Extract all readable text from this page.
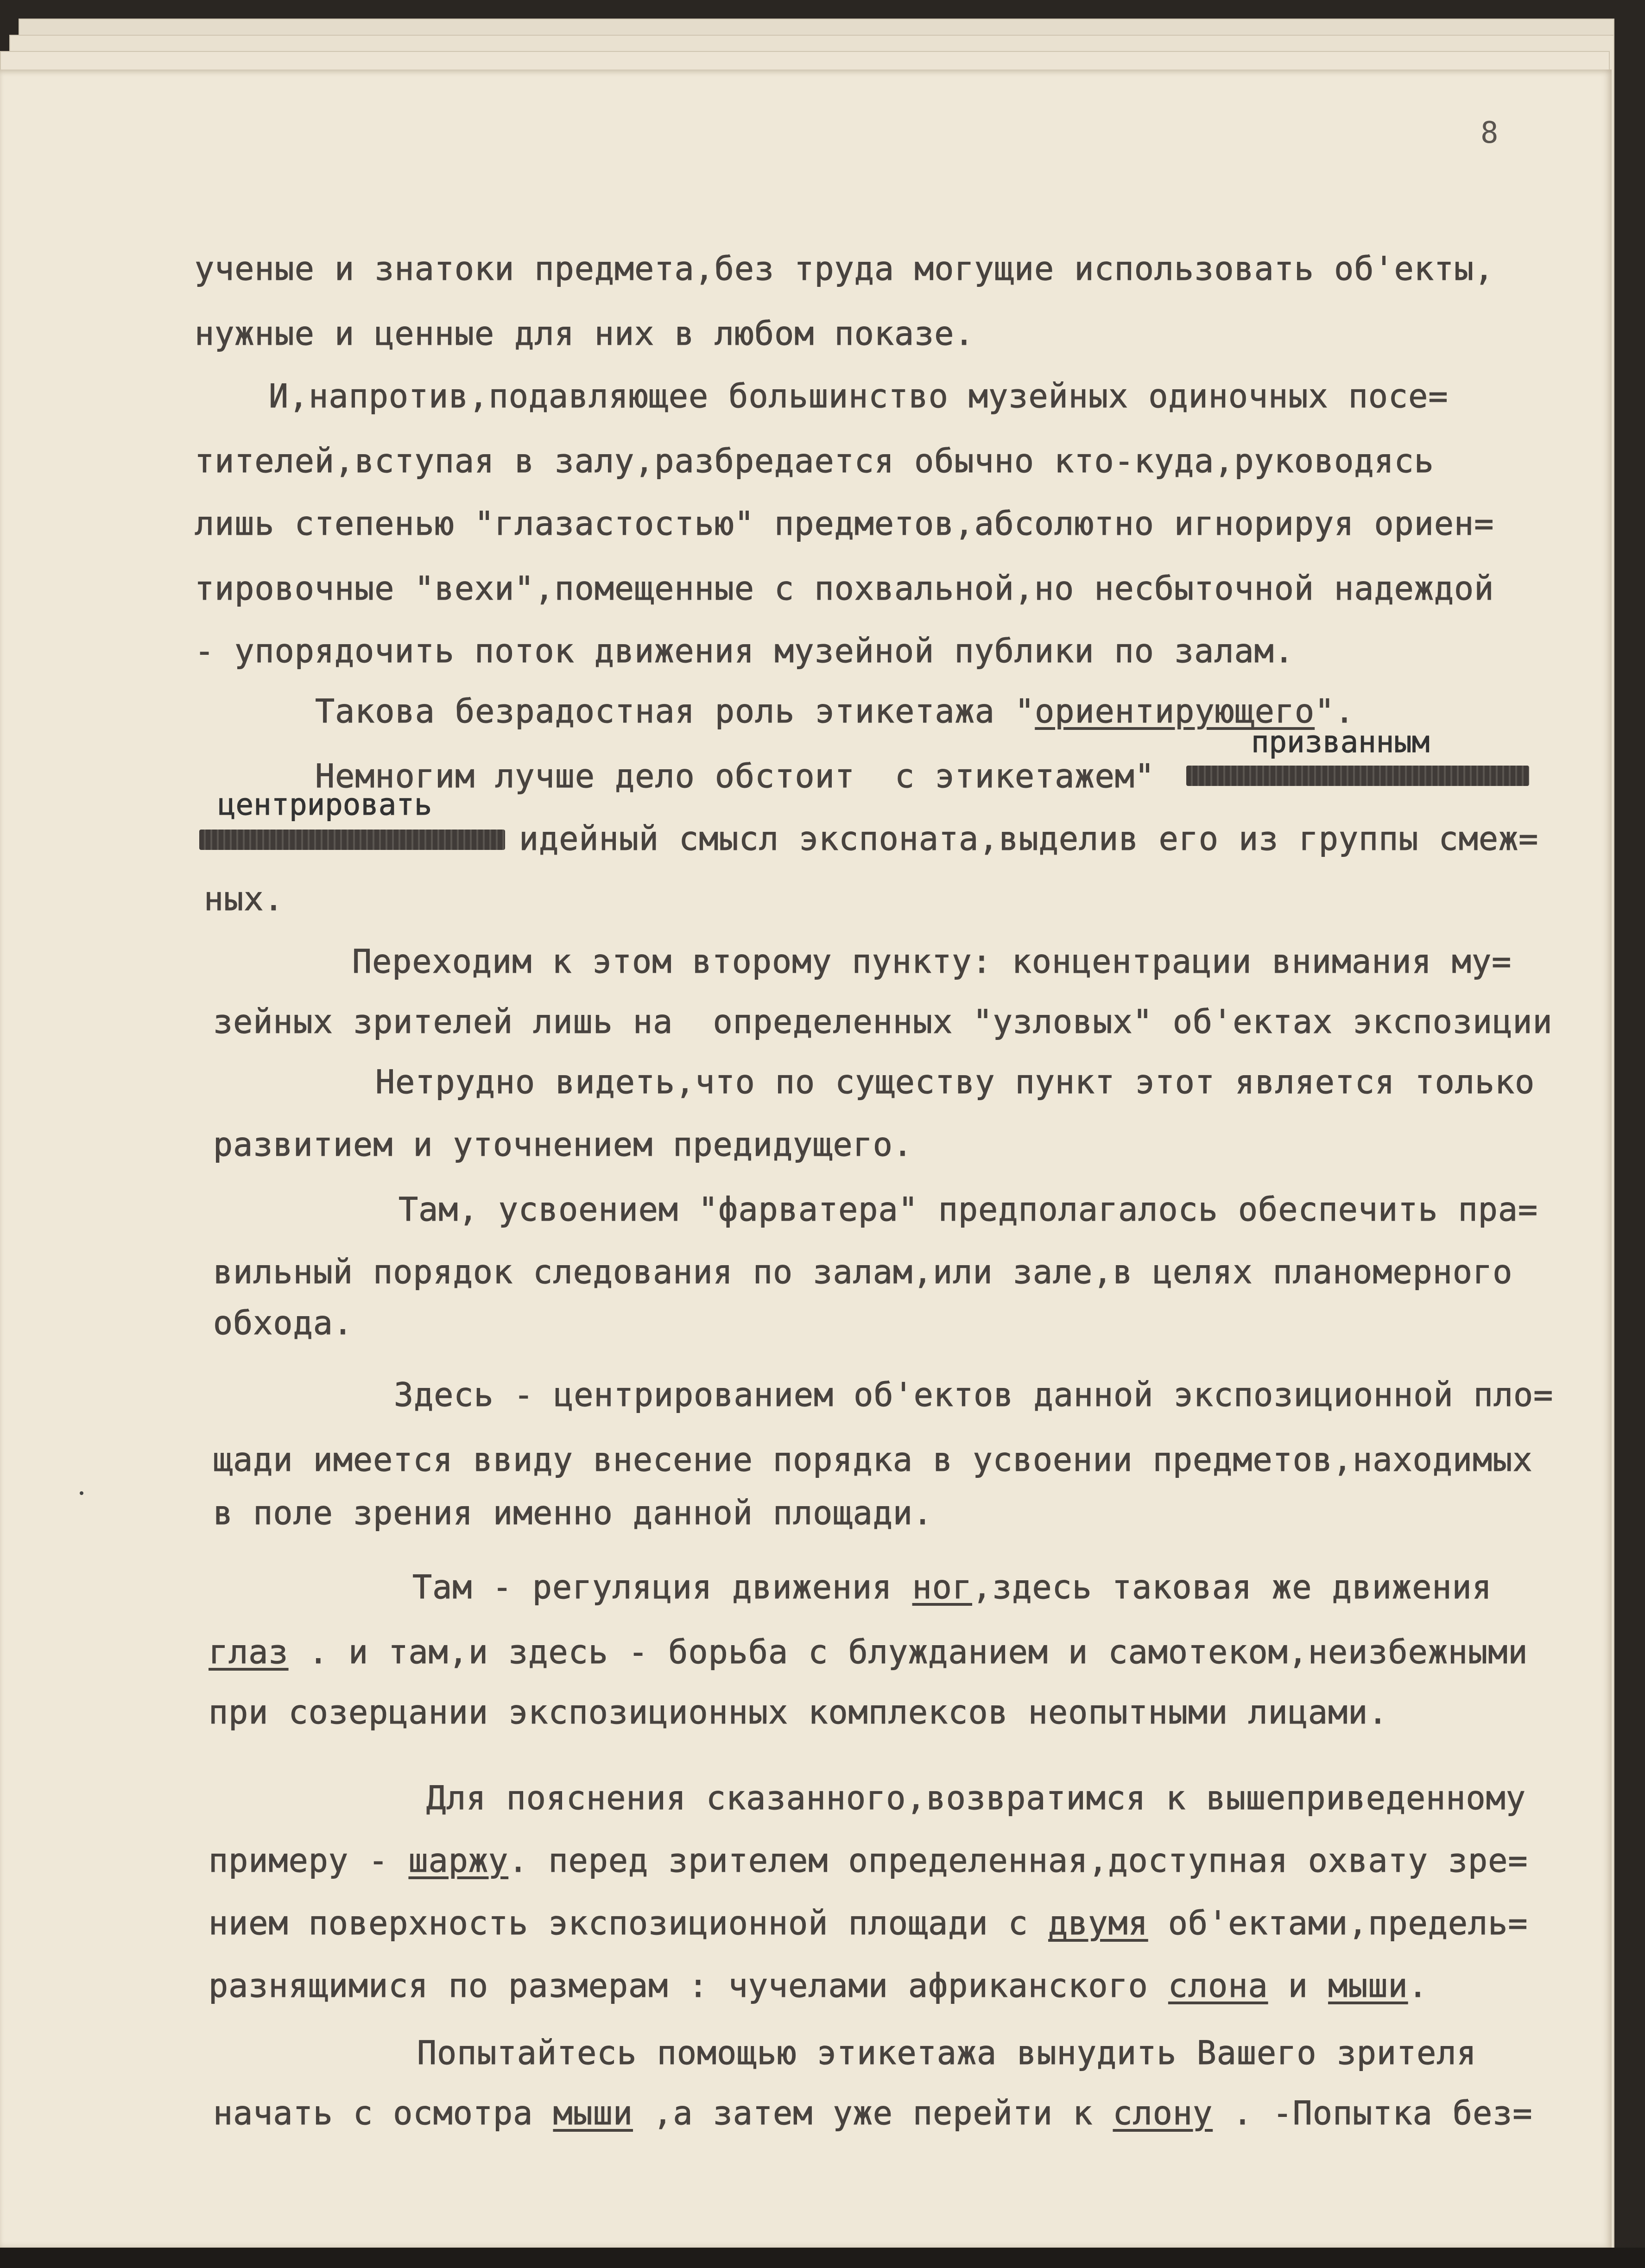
8

ученые и знатоки предмета,без труда могущие использовать об'екты,

нужные и ценные для них в любом показе.

И,напротив,подавляющее большинство музейных одиночных посе=

тителей,вступая в залу,разбредается обычно кто-куда,руководясь

лишь степенью "глазастостью" предметов,абсолютно игнорируя ориен=

тировочные "вехи",помещенные с похвальной,но несбыточной надеждой

- упорядочить поток движения музейной публики по залам.

Такова безрадостная роль этикетажа "ориентирующего".

призванным

Немногим лучше дело обстоит  с этикетажем"

центрировать

идейный смысл экспоната,выделив его из группы смеж=

ных.

Переходим к этом второму пункту: концентрации внимания му=

зейных зрителей лишь на  определенных "узловых" об'ектах экспозиции

Нетрудно видеть,что по существу пункт этот является только

развитием и уточнением предидущего.

Там, усвоением "фарватера" предполагалось обеспечить пра=

вильный порядок следования по залам,или зале,в целях планомерного

обхода.

Здесь - центрированием об'ектов данной экспозиционной пло=

щади имеется ввиду внесение порядка в усвоении предметов,находимых

в поле зрения именно данной площади.

Там - регуляция движения ног,здесь таковая же движения

глаз . и там,и здесь - борьба с блужданием и самотеком,неизбежными

при созерцании экспозиционных комплексов неопытными лицами.

Для пояснения сказанного,возвратимся к вышеприведенному

примеру - шаржу. перед зрителем определенная,доступная охвату зре=

нием поверхность экспозиционной площади с двумя об'ектами,предель=

разнящимися по размерам : чучелами африканского слона и мыши.

Попытайтесь помощью этикетажа вынудить Вашего зрителя

начать с осмотра мыши ,а затем уже перейти к слону . -Попытка без=
